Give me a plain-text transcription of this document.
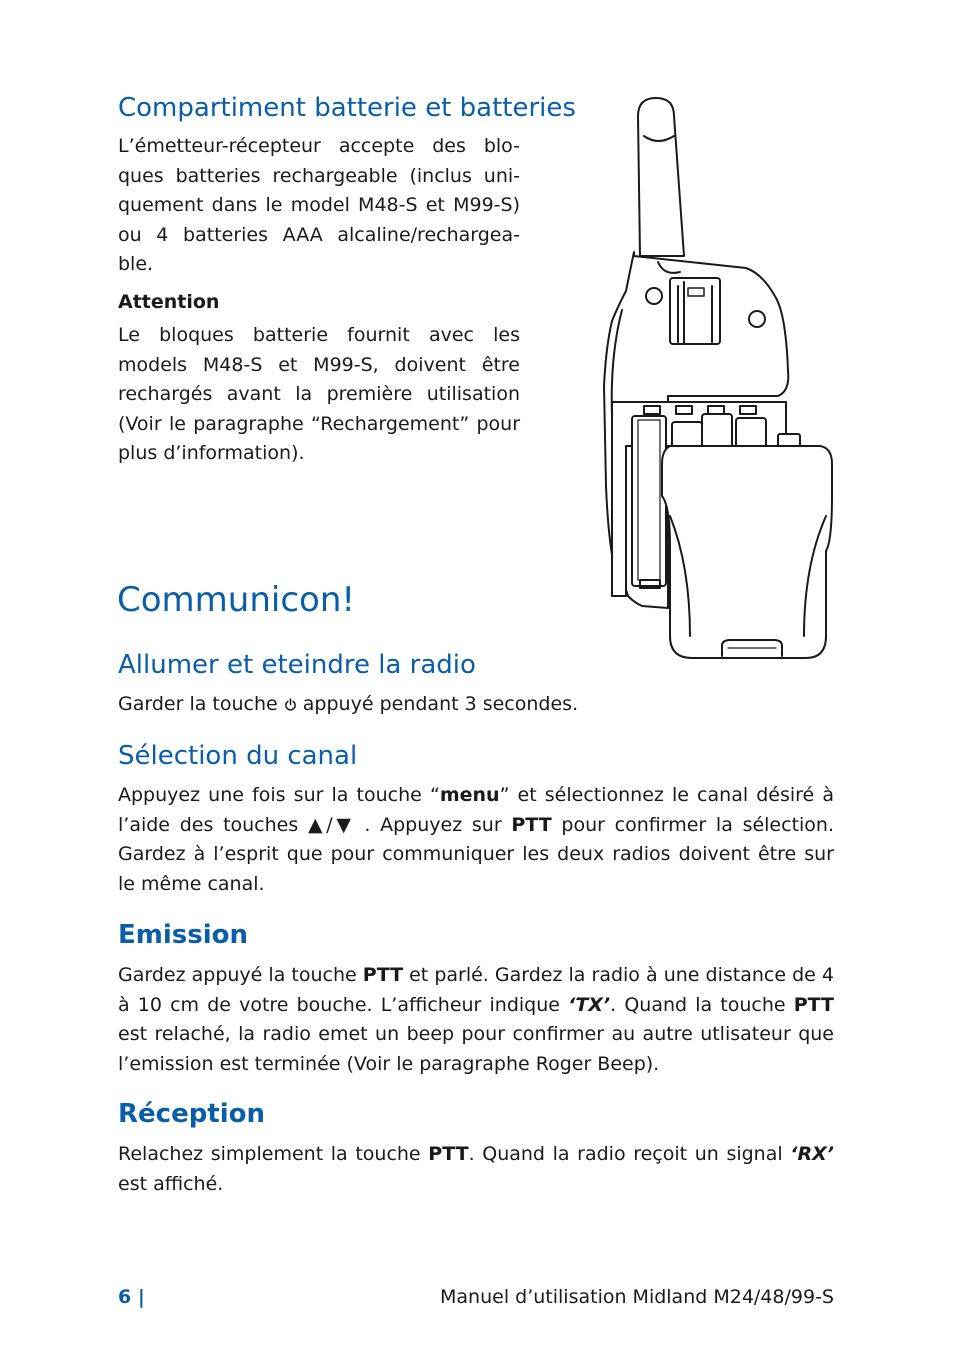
Compartiment batterie et batteries

L’émetteur-récepteur accepte des blo-ques batteries rechargeable (inclus uni-quement dans le model M48-S et M99-S) ou 4 batteries AAA alcaline/rechargea-ble.

Attention

Le bloques batterie fournit avec les models M48-S et M99-S, doivent être rechargés avant la première utilisation (Voir le paragraphe “Rechargement” pour plus d’information).

Communicon!
Allumer et eteindre la radio

Garder la touche  appuyé pendant 3 secondes.

Sélection du canal

Appuyez une fois sur la touche “menu” et sélectionnez le canal désiré à l’aide des touches ▲/▼ . Appuyez sur PTT pour confirmer la sélection. Gardez à l’esprit que pour communiquer les deux radios doivent être sur le même canal.

Emission

Gardez appuyé la touche PTT et parlé. Gardez la radio à une distance de 4 à 10 cm de votre bouche. L’afficheur indique ‘TX’. Quand la touche PTT est relaché, la radio emet un beep pour confirmer au autre utlisateur que l’emission est terminée (Voir le paragraphe Roger Beep).

Réception

Relachez simplement la touche PTT. Quand la radio reçoit un signal ‘RX’ est affiché.

6 |	Manuel d’utilisation Midland M24/48/99-S
